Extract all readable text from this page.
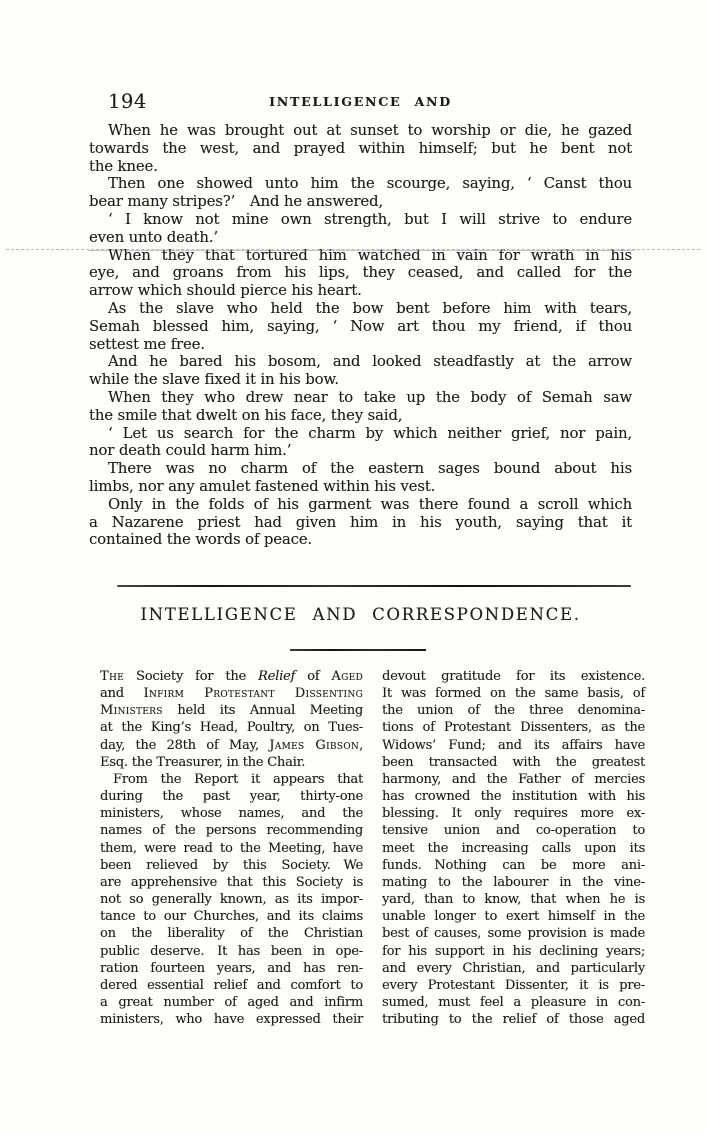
194	INTELLIGENCE AND
When he was brought out at sunset to worship or die, he gazed
towards the west, and prayed within himself; but he bent not
the knee.
Then one showed unto him the scourge, saying, ‘ Canst thou
bear many stripes?’ And he answered,
‘ I know not mine own strength, but I will strive to endure
even unto death.’
When they that tortured him watched in vain for wrath in his
eye, and groans from his lips, they ceased, and called for the
arrow which should pierce his heart.
As the slave who held the bow bent before him with tears,
Semah blessed him, saying, ‘ Now art thou my friend, if thou
settest me free.
And he bared his bosom, and looked steadfastly at the arrow
while the slave fixed it in his bow.
When they who drew near to take up the body of Semah saw
the smile that dwelt on his face, they said,
‘ Let us search for the charm by which neither grief, nor pain,
nor death could harm him.’
There was no charm of the eastern sages bound about his
limbs, nor any amulet fastened within his vest.
Only in the folds of his garment was there found a scroll which
a Nazarene priest had given him in his youth, saying that it
contained the words of peace.
INTELLIGENCE AND CORRESPONDENCE.
The Society for the Relief of Aged
and Infirm Protestant Dissenting
Ministers held its Annual Meeting
at the King’s Head, Poultry, on Tues-
day, the 28th of May, James Gibson,
Esq. the Treasurer, in the Chair.
From the Report it appears that
during the past year, thirty-one
ministers, whose names, and the
names of the persons recommending
them, were read to the Meeting, have
been relieved by this Society. We
are apprehensive that this Society is
not so generally known, as its impor-
tance to our Churches, and its claims
on the liberality of the Christian
public deserve. It has been in ope-
ration fourteen years, and has ren-
dered essential relief and comfort to
a great number of aged and infirm
ministers, who have expressed their
devout gratitude for its existence.
It was formed on the same basis, of
the union of the three denomina-
tions of Protestant Dissenters, as the
Widows’ Fund; and its affairs have
been transacted with the greatest
harmony, and the Father of mercies
has crowned the institution with his
blessing. It only requires more ex-
tensive union and co-operation to
meet the increasing calls upon its
funds. Nothing can be more ani-
mating to the labourer in the vine-
yard, than to know, that when he is
unable longer to exert himself in the
best of causes, some provision is made
for his support in his declining years;
and every Christian, and particularly
every Protestant Dissenter, it is pre-
sumed, must feel a pleasure in con-
tributing to the relief of those aged
